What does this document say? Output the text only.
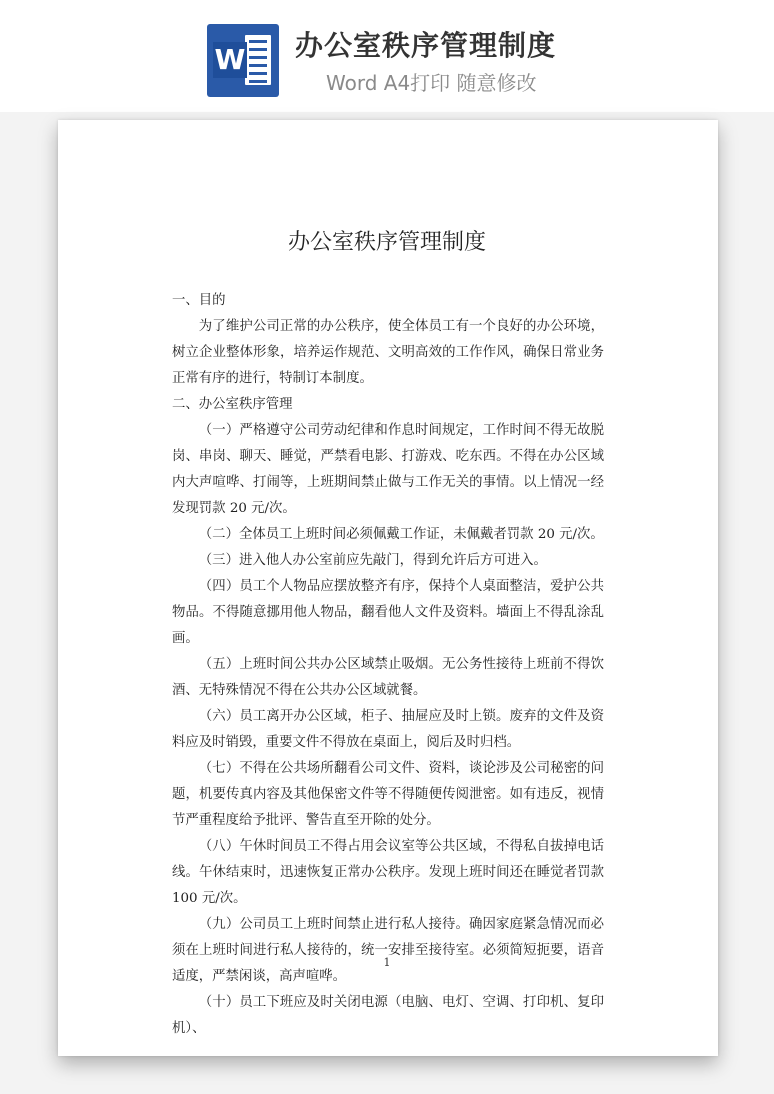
W 办公室秩序管理制度
Word A4打印 随意修改
办公室秩序管理制度

一、目的

为了维护公司正常的办公秩序，使全体员工有一个良好的办公环境，树立企业整体形象，培养运作规范、文明高效的工作作风，确保日常业务正常有序的进行，特制订本制度。

二、办公室秩序管理

（一）严格遵守公司劳动纪律和作息时间规定，工作时间不得无故脱岗、串岗、聊天、睡觉，严禁看电影、打游戏、吃东西。不得在办公区域内大声喧哗、打闹等，上班期间禁止做与工作无关的事情。以上情况一经发现罚款 20 元/次。

（二）全体员工上班时间必须佩戴工作证，未佩戴者罚款 20 元/次。

（三）进入他人办公室前应先敲门，得到允许后方可进入。

（四）员工个人物品应摆放整齐有序，保持个人桌面整洁，爱护公共物品。不得随意挪用他人物品，翻看他人文件及资料。墙面上不得乱涂乱画。

（五）上班时间公共办公区域禁止吸烟。无公务性接待上班前不得饮酒、无特殊情况不得在公共办公区域就餐。

（六）员工离开办公区域，柜子、抽屉应及时上锁。废弃的文件及资料应及时销毁，重要文件不得放在桌面上，阅后及时归档。

（七）不得在公共场所翻看公司文件、资料，谈论涉及公司秘密的问题，机要传真内容及其他保密文件等不得随便传阅泄密。如有违反，视情节严重程度给予批评、警告直至开除的处分。

（八）午休时间员工不得占用会议室等公共区域，不得私自拔掉电话线。午休结束时，迅速恢复正常办公秩序。发现上班时间还在睡觉者罚款 100 元/次。

（九）公司员工上班时间禁止进行私人接待。确因家庭紧急情况而必须在上班时间进行私人接待的，统一安排至接待室。必须简短扼要，语音适度，严禁闲谈，高声喧哗。

（十）员工下班应及时关闭电源（电脑、电灯、空调、打印机、复印机）、

1
